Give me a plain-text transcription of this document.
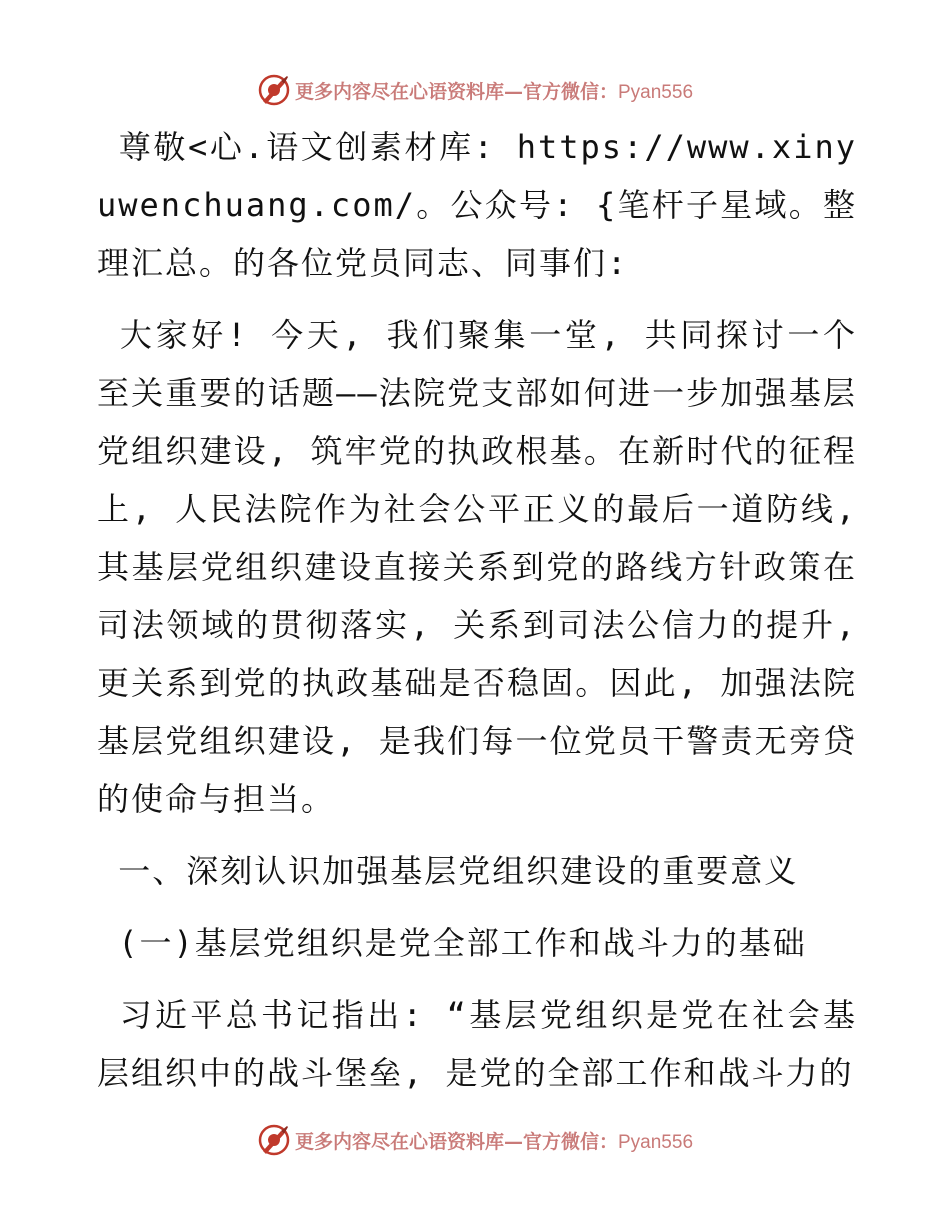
更多内容尽在心语资料库—官方微信：Pyan556

尊敬<心.语文创素材库: https://www.xinyuwenchuang.com/。公众号: {笔杆子星域。整理汇总。的各位党员同志、同事们:

大家好! 今天, 我们聚集一堂, 共同探讨一个至关重要的话题——法院党支部如何进一步加强基层党组织建设, 筑牢党的执政根基。在新时代的征程上, 人民法院作为社会公平正义的最后一道防线, 其基层党组织建设直接关系到党的路线方针政策在司法领域的贯彻落实, 关系到司法公信力的提升, 更关系到党的执政基础是否稳固。因此, 加强法院基层党组织建设, 是我们每一位党员干警责无旁贷的使命与担当。

一、深刻认识加强基层党组织建设的重要意义

(一)基层党组织是党全部工作和战斗力的基础

习近平总书记指出: “基层党组织是党在社会基层组织中的战斗堡垒, 是党的全部工作和战斗力的

更多内容尽在心语资料库—官方微信：Pyan556
